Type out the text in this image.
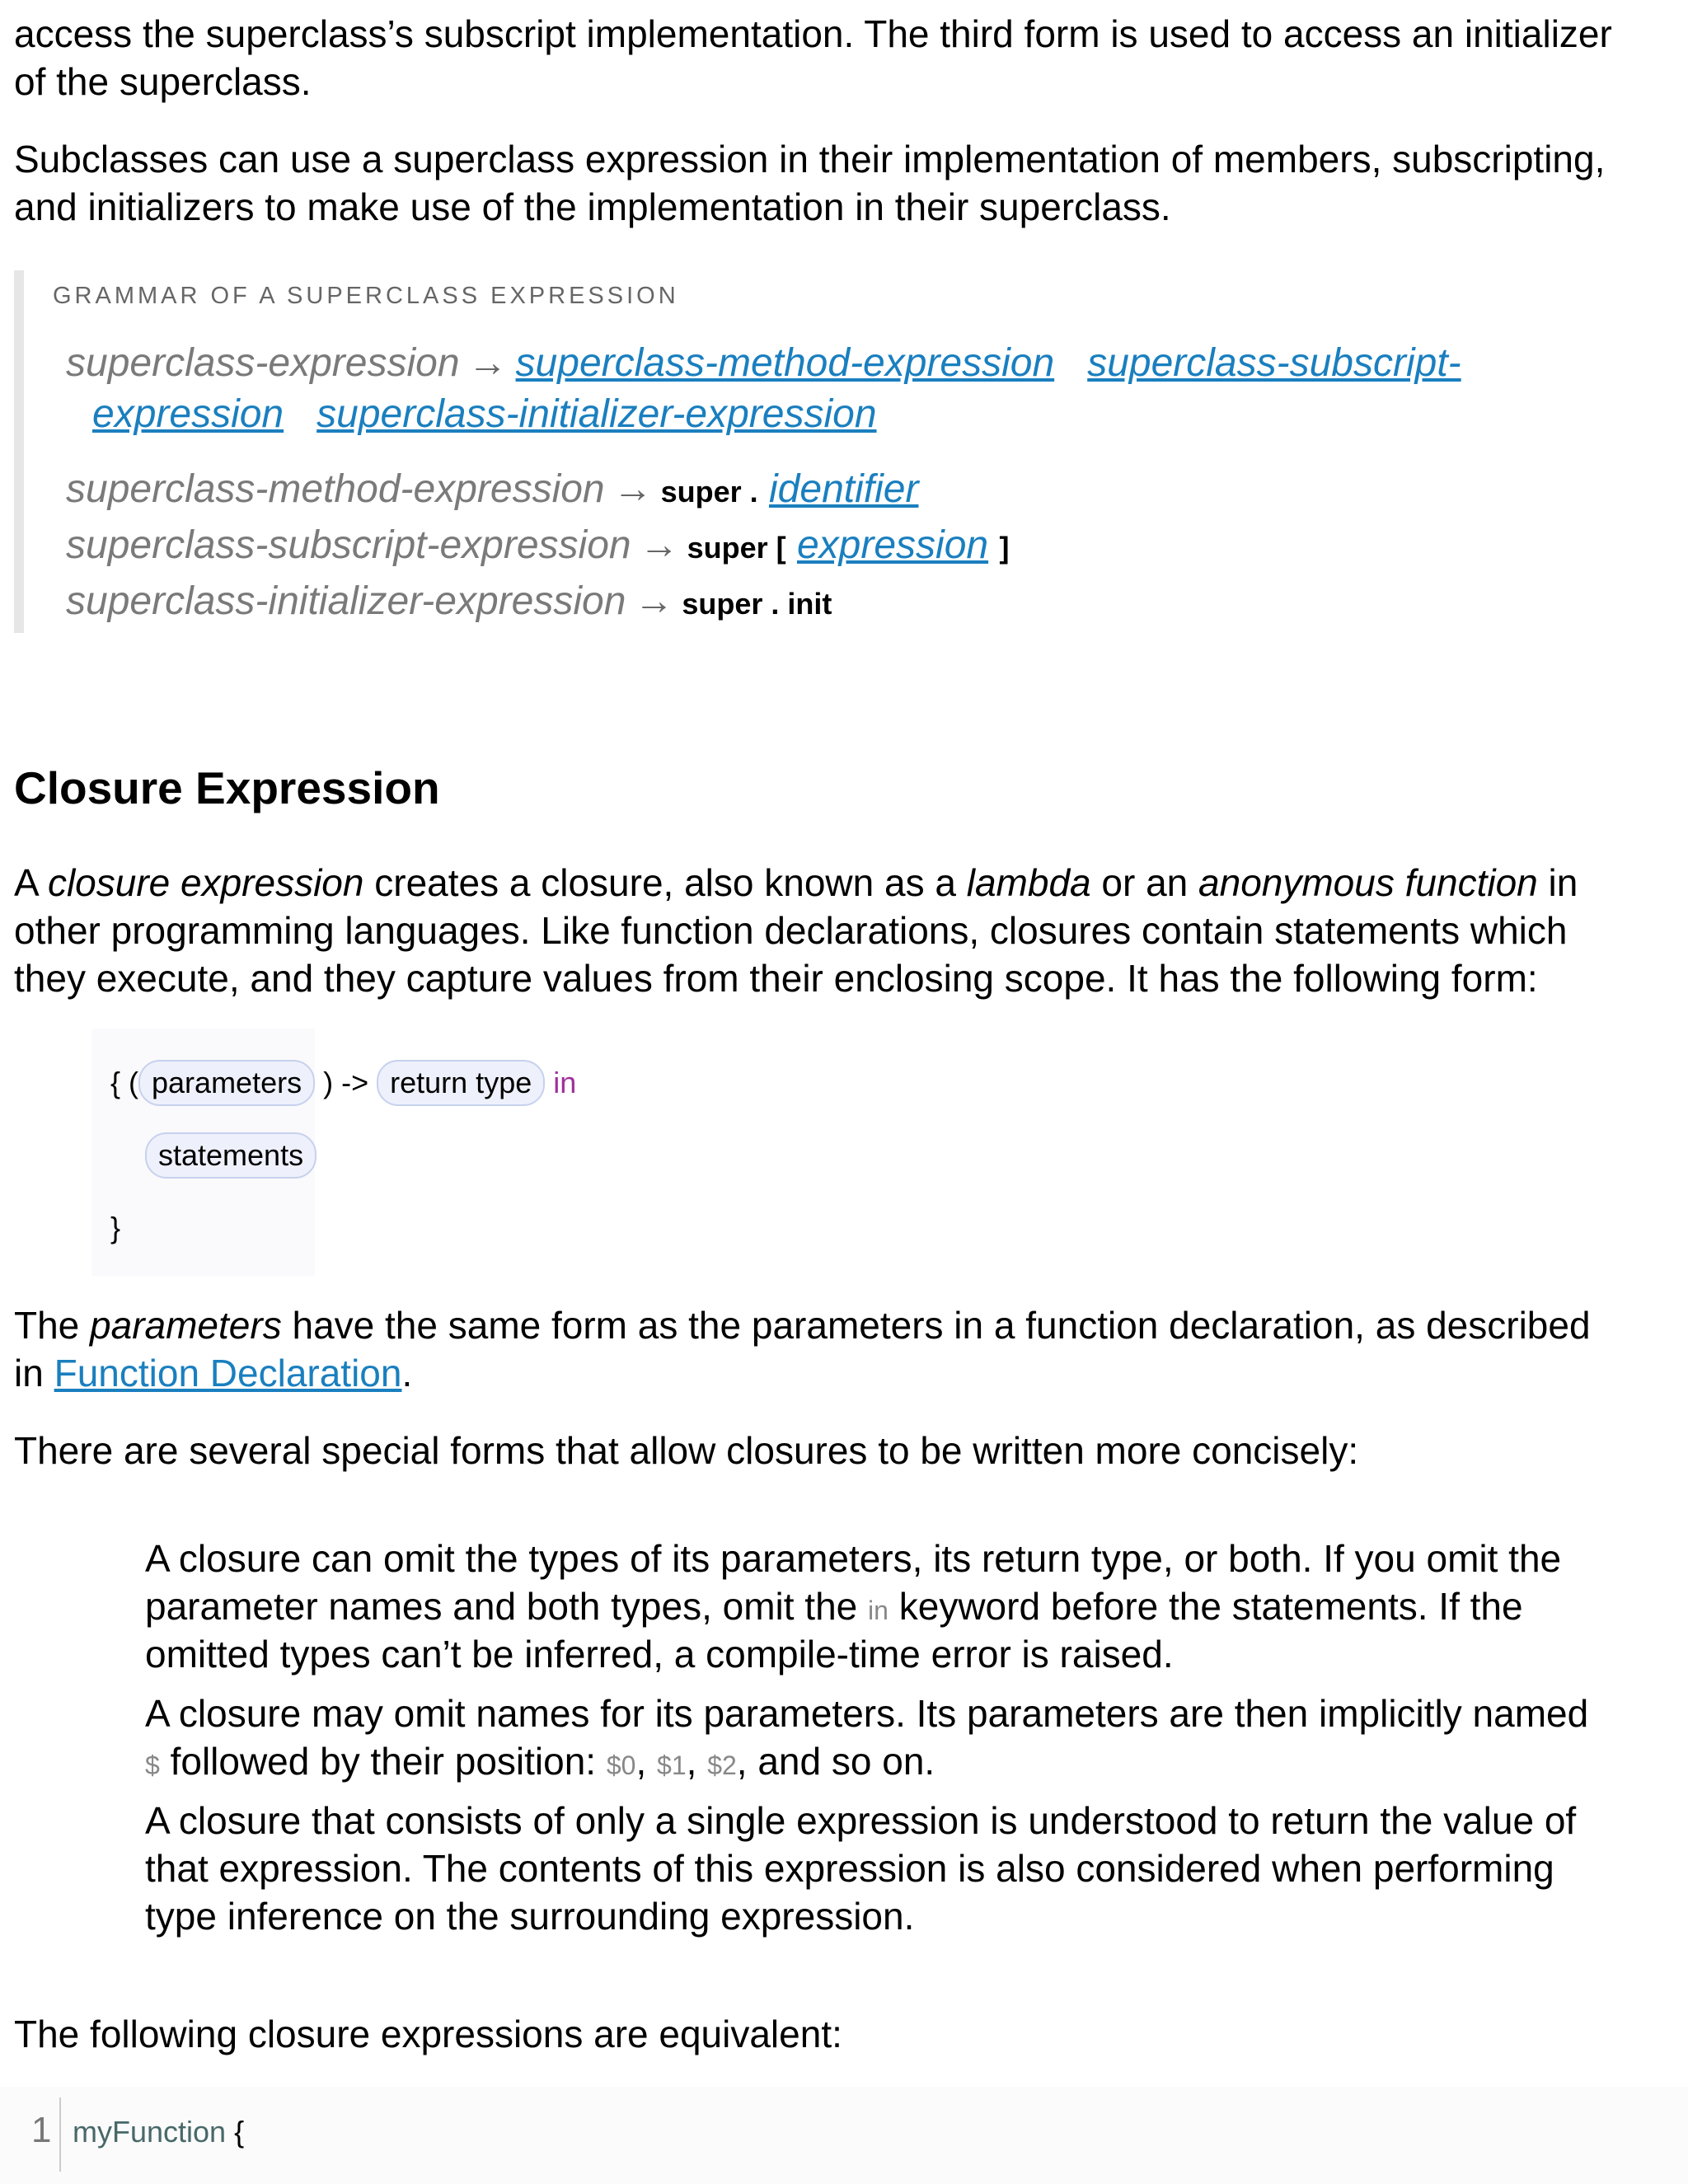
access the superclass’s subscript implementation. The third form is used to access an initializer

of the superclass.

Subclasses can use a superclass expression in their implementation of members, subscripting,

and initializers to make use of the implementation in their superclass.

GRAMMAR OF A SUPERCLASS EXPRESSION
superclass-expression → superclass-method-expression superclass-subscript-
expression superclass-initializer-expression
superclass-method-expression → super . identifier
superclass-subscript-expression → super [ expression ]
superclass-initializer-expression → super . init
Closure Expression

A closure expression creates a closure, also known as a lambda or an anonymous function in

other programming languages. Like function declarations, closures contain statements which

they execute, and they capture values from their enclosing scope. It has the following form:

{ ( parameters ) -> return type in
statements
}

The parameters have the same form as the parameters in a function declaration, as described

in Function Declaration.

There are several special forms that allow closures to be written more concisely:

A closure can omit the types of its parameters, its return type, or both. If you omit the
parameter names and both types, omit the in keyword before the statements. If the
omitted types can’t be inferred, a compile-time error is raised.
A closure may omit names for its parameters. Its parameters are then implicitly named
$ followed by their position: $0, $1, $2, and so on.
A closure that consists of only a single expression is understood to return the value of
that expression. The contents of this expression is also considered when performing
type inference on the surrounding expression.

The following closure expressions are equivalent:

1 myFunction {
